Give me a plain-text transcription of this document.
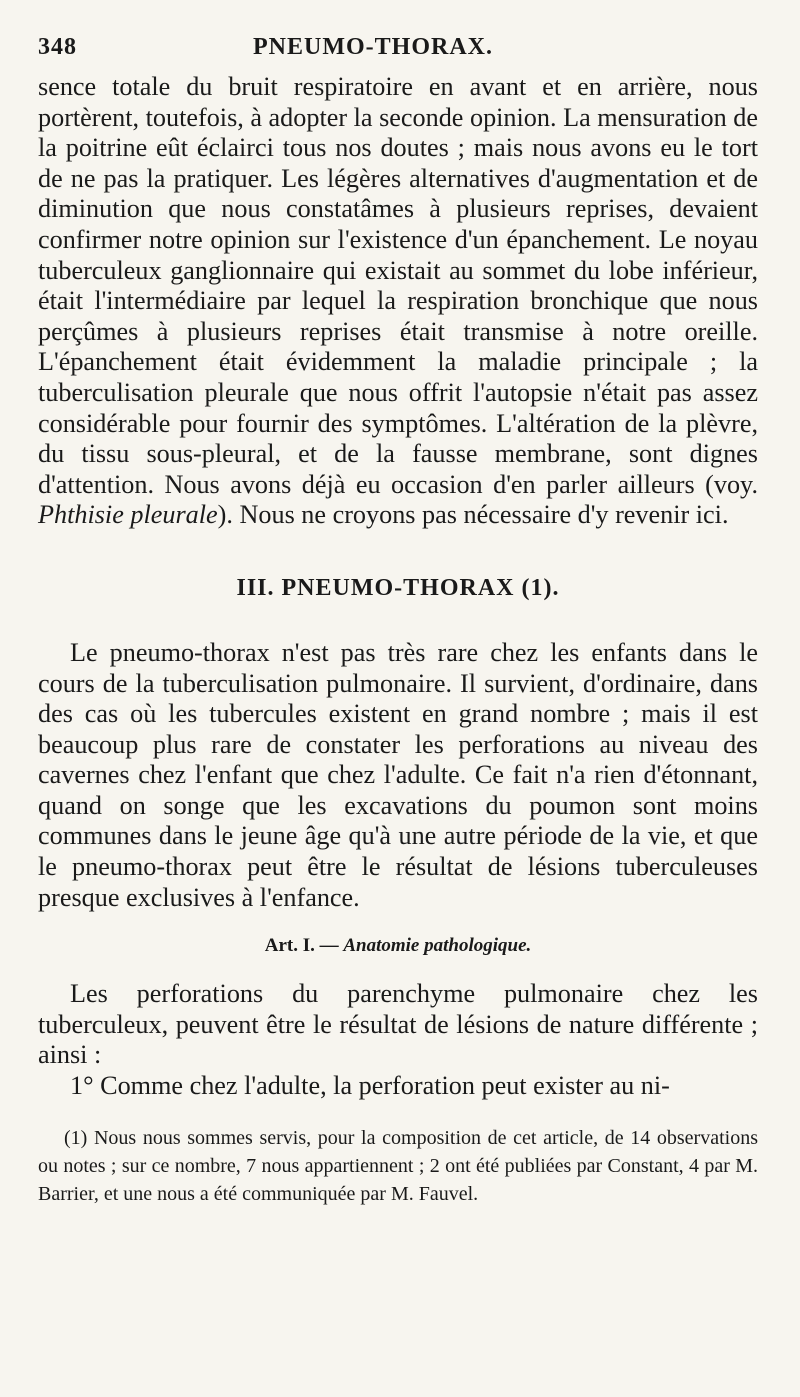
348	PNEUMO-THORAX.

sence totale du bruit respiratoire en avant et en arrière, nous portèrent, toutefois, à adopter la seconde opinion. La mensuration de la poitrine eût éclairci tous nos doutes ; mais nous avons eu le tort de ne pas la pratiquer. Les légères alternatives d'augmentation et de diminution que nous constatâmes à plusieurs reprises, devaient confirmer notre opinion sur l'existence d'un épanchement. Le noyau tuberculeux ganglionnaire qui existait au sommet du lobe inférieur, était l'intermédiaire par lequel la respiration bronchique que nous perçûmes à plusieurs reprises était transmise à notre oreille. L'épanchement était évidemment la maladie principale ; la tuberculisation pleurale que nous offrit l'autopsie n'était pas assez considérable pour fournir des symptômes. L'altération de la plèvre, du tissu sous-pleural, et de la fausse membrane, sont dignes d'attention. Nous avons déjà eu occasion d'en parler ailleurs (voy. Phthisie pleurale). Nous ne croyons pas nécessaire d'y revenir ici.

III. PNEUMO-THORAX (1).

Le pneumo-thorax n'est pas très rare chez les enfants dans le cours de la tuberculisation pulmonaire. Il survient, d'ordinaire, dans des cas où les tubercules existent en grand nombre ; mais il est beaucoup plus rare de constater les perforations au niveau des cavernes chez l'enfant que chez l'adulte. Ce fait n'a rien d'étonnant, quand on songe que les excavations du poumon sont moins communes dans le jeune âge qu'à une autre période de la vie, et que le pneumo-thorax peut être le résultat de lésions tuberculeuses presque exclusives à l'enfance.

Art. I. — Anatomie pathologique.

Les perforations du parenchyme pulmonaire chez les tuberculeux, peuvent être le résultat de lésions de nature différente ; ainsi :

1° Comme chez l'adulte, la perforation peut exister au ni-

(1) Nous nous sommes servis, pour la composition de cet article, de 14 observations ou notes ; sur ce nombre, 7 nous appartiennent ; 2 ont été publiées par Constant, 4 par M. Barrier, et une nous a été communiquée par M. Fauvel.
